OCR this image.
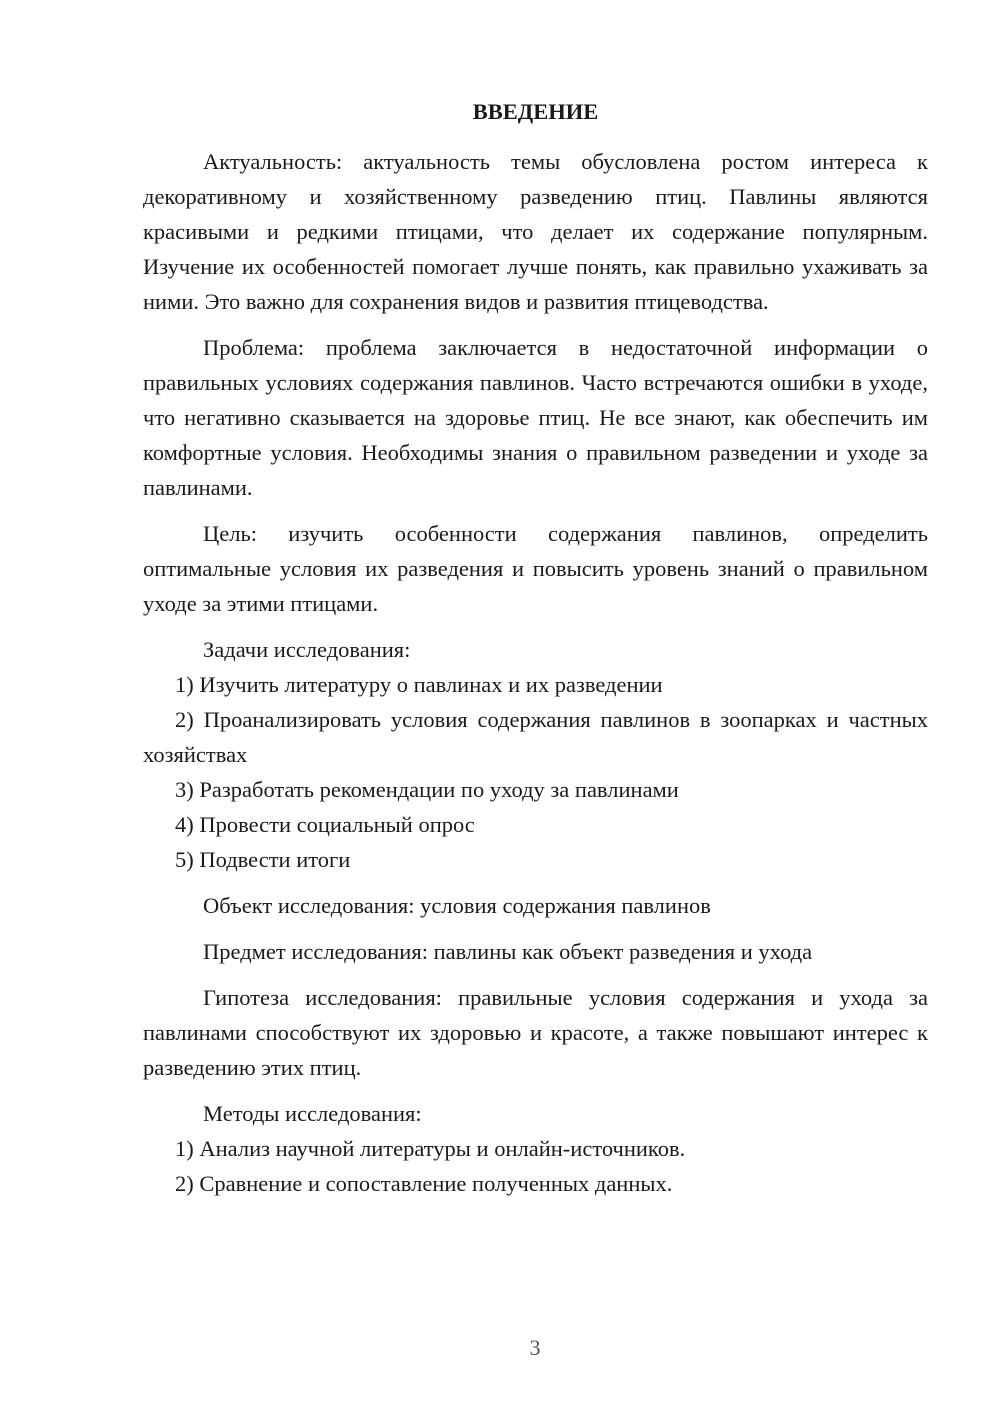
ВВЕДЕНИЕ

Актуальность: актуальность темы обусловлена ростом интереса к декоративному и хозяйственному разведению птиц. Павлины являются красивыми и редкими птицами, что делает их содержание популярным. Изучение их особенностей помогает лучше понять, как правильно ухаживать за ними. Это важно для сохранения видов и развития птицеводства.

Проблема: проблема заключается в недостаточной информации о правильных условиях содержания павлинов. Часто встречаются ошибки в уходе, что негативно сказывается на здоровье птиц. Не все знают, как обеспечить им комфортные условия. Необходимы знания о правильном разведении и уходе за павлинами.

Цель: изучить особенности содержания павлинов, определить оптимальные условия их разведения и повысить уровень знаний о правильном уходе за этими птицами.

Задачи исследования:

1) Изучить литературу о павлинах и их разведении

2) Проанализировать условия содержания павлинов в зоопарках и частных хозяйствах

3) Разработать рекомендации по уходу за павлинами

4) Провести социальный опрос

5) Подвести итоги

Объект исследования: условия содержания павлинов

Предмет исследования: павлины как объект разведения и ухода

Гипотеза исследования: правильные условия содержания и ухода за павлинами способствуют их здоровью и красоте, а также повышают интерес к разведению этих птиц.

Методы исследования:

1) Анализ научной литературы и онлайн-источников.

2) Сравнение и сопоставление полученных данных.

3
